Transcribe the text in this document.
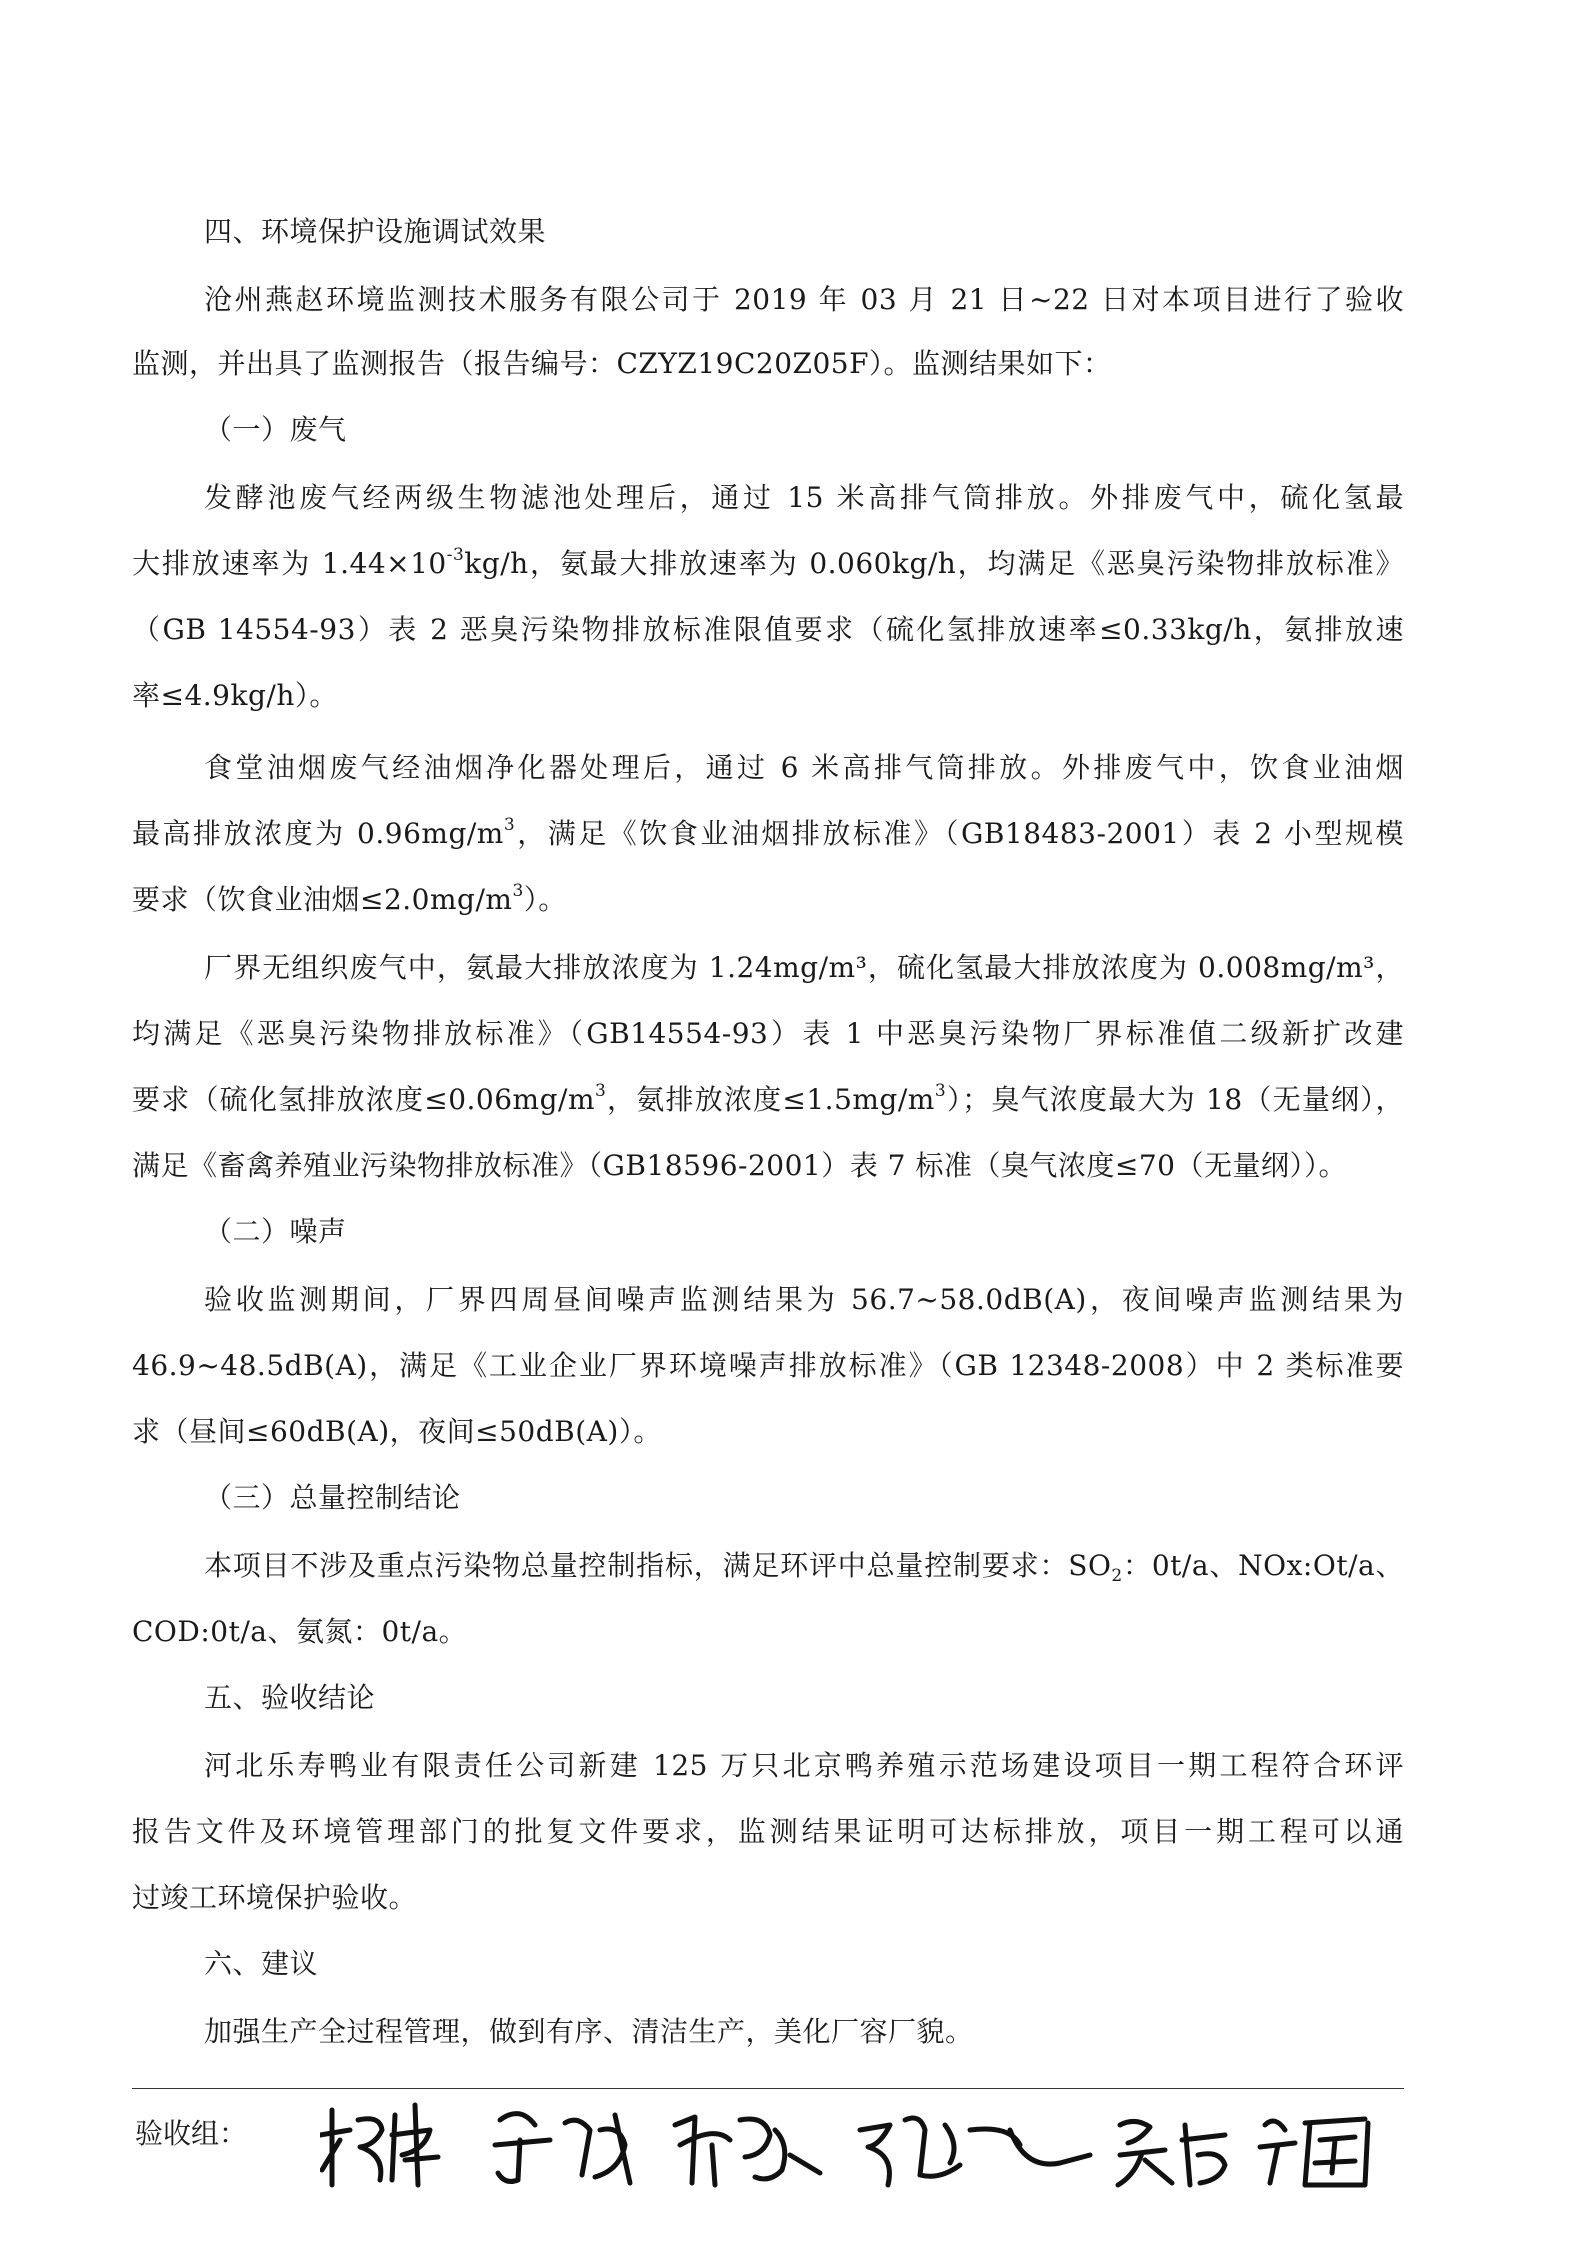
四、环境保护设施调试效果
沧州燕赵环境监测技术服务有限公司于 2019 年 03 月 21 日~22 日对本项目进行了验收
监测，并出具了监测报告（报告编号：CZYZ19C20Z05F）。监测结果如下：
（一）废气
发酵池废气经两级生物滤池处理后，通过 15 米高排气筒排放。外排废气中，硫化氢最
大排放速率为 $1.44\times 10^{-3}kg/h$，氨最大排放速率为 0.060kg/h，均满足《恶臭污染物排放标准》
（GB 14554-93）表 2 恶臭污染物排放标准限值要求（硫化氢排放速率≤0.33kg/h，氨排放速
率≤4.9kg/h）。
食堂油烟废气经油烟净化器处理后，通过 6 米高排气筒排放。外排废气中，饮食业油烟
最高排放浓度为 $0.96mg/m^3$，满足《饮食业油烟排放标准》（GB18483-2001）表 2 小型规模
要求（饮食业油烟$\le 2.0mg/m^3$）。
厂界无组织废气中，氨最大排放浓度为 1.24mg/m³，硫化氢最大排放浓度为 0.008mg/m³，
均满足《恶臭污染物排放标准》（GB14554-93）表 1 中恶臭污染物厂界标准值二级新扩改建
要求（硫化氢排放浓度$\le 0.06mg/m^3$，氨排放浓度$\le 1.5mg/m^3$）；臭气浓度最大为 18（无量纲），
满足《畜禽养殖业污染物排放标准》（GB18596-2001）表 7 标准（臭气浓度≤70（无量纲））。
（二）噪声
验收监测期间，厂界四周昼间噪声监测结果为 56.7~58.0dB(A)，夜间噪声监测结果为
46.9~48.5dB(A)，满足《工业企业厂界环境噪声排放标准》（GB 12348-2008）中 2 类标准要
求（昼间≤60dB(A)，夜间≤50dB(A)）。
（三）总量控制结论
本项目不涉及重点污染物总量控制指标，满足环评中总量控制要求：$SO_2$：0t/a、NOx:Ot/a、
COD:0t/a、氨氮：0t/a。
五、验收结论
河北乐寿鸭业有限责任公司新建 125 万只北京鸭养殖示范场建设项目一期工程符合环评
报告文件及环境管理部门的批复文件要求，监测结果证明可达标排放，项目一期工程可以通
过竣工环境保护验收。
六、建议
加强生产全过程管理，做到有序、清洁生产，美化厂容厂貌。
验收组：
